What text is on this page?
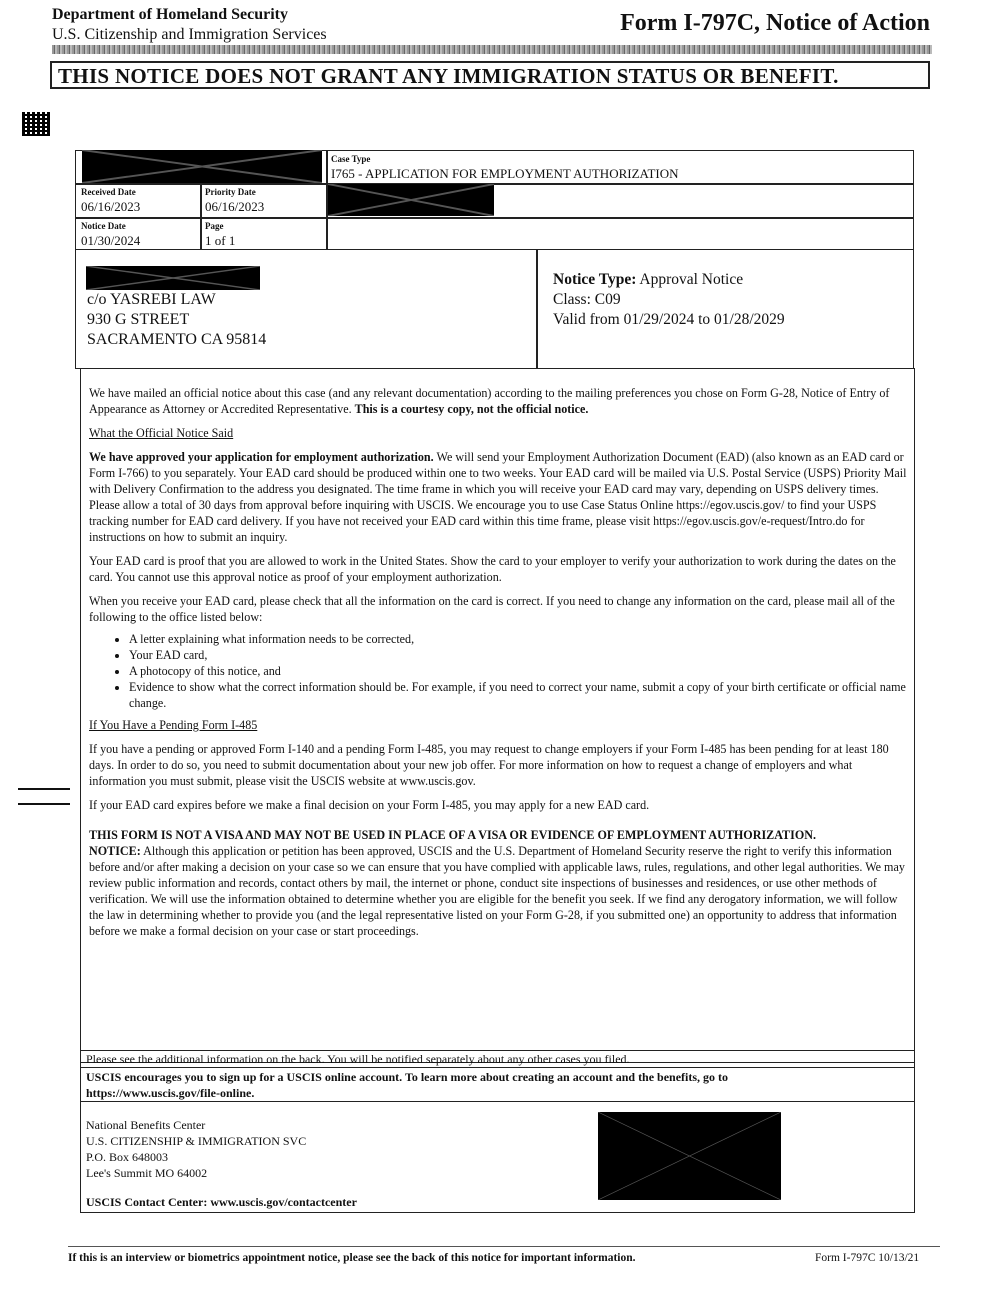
Department of Homeland Security
U.S. Citizenship and Immigration Services	Form I-797C, Notice of Action
THIS NOTICE DOES NOT GRANT ANY IMMIGRATION STATUS OR BENEFIT.
Case Type
I765 - APPLICATION FOR EMPLOYMENT AUTHORIZATION
Received Date
06/16/2023
Priority Date
06/16/2023
Notice Date
01/30/2024
Page
1 of 1
c/o YASREBI LAW
930 G STREET
SACRAMENTO CA 95814
Notice Type: Approval Notice
Class: C09
Valid from 01/29/2024 to 01/28/2029

We have mailed an official notice about this case (and any relevant documentation) according to the mailing preferences you chose on Form G-28, Notice of Entry of Appearance as Attorney or Accredited Representative. This is a courtesy copy, not the official notice.

What the Official Notice Said

We have approved your application for employment authorization. We will send your Employment Authorization Document (EAD) (also known as an EAD card or Form I-766) to you separately. Your EAD card should be produced within one to two weeks. Your EAD card will be mailed via U.S. Postal Service (USPS) Priority Mail with Delivery Confirmation to the address you designated. The time frame in which you will receive your EAD card may vary, depending on USPS delivery times. Please allow a total of 30 days from approval before inquiring with USCIS. We encourage you to use Case Status Online https://egov.uscis.gov/ to find your USPS tracking number for EAD card delivery. If you have not received your EAD card within this time frame, please visit https://egov.uscis.gov/e-request/Intro.do for instructions on how to submit an inquiry.

Your EAD card is proof that you are allowed to work in the United States. Show the card to your employer to verify your authorization to work during the dates on the card. You cannot use this approval notice as proof of your employment authorization.

When you receive your EAD card, please check that all the information on the card is correct. If you need to change any information on the card, please mail all of the following to the office listed below:

• A letter explaining what information needs to be corrected,
• Your EAD card,
• A photocopy of this notice, and
• Evidence to show what the correct information should be. For example, if you need to correct your name, submit a copy of your birth certificate or official name change.

If You Have a Pending Form I-485

If you have a pending or approved Form I-140 and a pending Form I-485, you may request to change employers if your Form I-485 has been pending for at least 180 days. In order to do so, you need to submit documentation about your new job offer. For more information on how to request a change of employers and what information you must submit, please visit the USCIS website at www.uscis.gov.

If your EAD card expires before we make a final decision on your Form I-485, you may apply for a new EAD card.

THIS FORM IS NOT A VISA AND MAY NOT BE USED IN PLACE OF A VISA OR EVIDENCE OF EMPLOYMENT AUTHORIZATION.

NOTICE: Although this application or petition has been approved, USCIS and the U.S. Department of Homeland Security reserve the right to verify this information before and/or after making a decision on your case so we can ensure that you have complied with applicable laws, rules, regulations, and other legal authorities. We may review public information and records, contact others by mail, the internet or phone, conduct site inspections of businesses and residences, or use other methods of verification. We will use the information obtained to determine whether you are eligible for the benefit you seek. If we find any derogatory information, we will follow the law in determining whether to provide you (and the legal representative listed on your Form G-28, if you submitted one) an opportunity to address that information before we make a formal decision on your case or start proceedings.

Please see the additional information on the back. You will be notified separately about any other cases you filed.
USCIS encourages you to sign up for a USCIS online account. To learn more about creating an account and the benefits, go to https://www.uscis.gov/file-online.
National Benefits Center
U.S. CITIZENSHIP & IMMIGRATION SVC
P.O. Box 648003
Lee's Summit MO 64002
USCIS Contact Center: www.uscis.gov/contactcenter
If this is an interview or biometrics appointment notice, please see the back of this notice for important information.	Form I-797C 10/13/21
